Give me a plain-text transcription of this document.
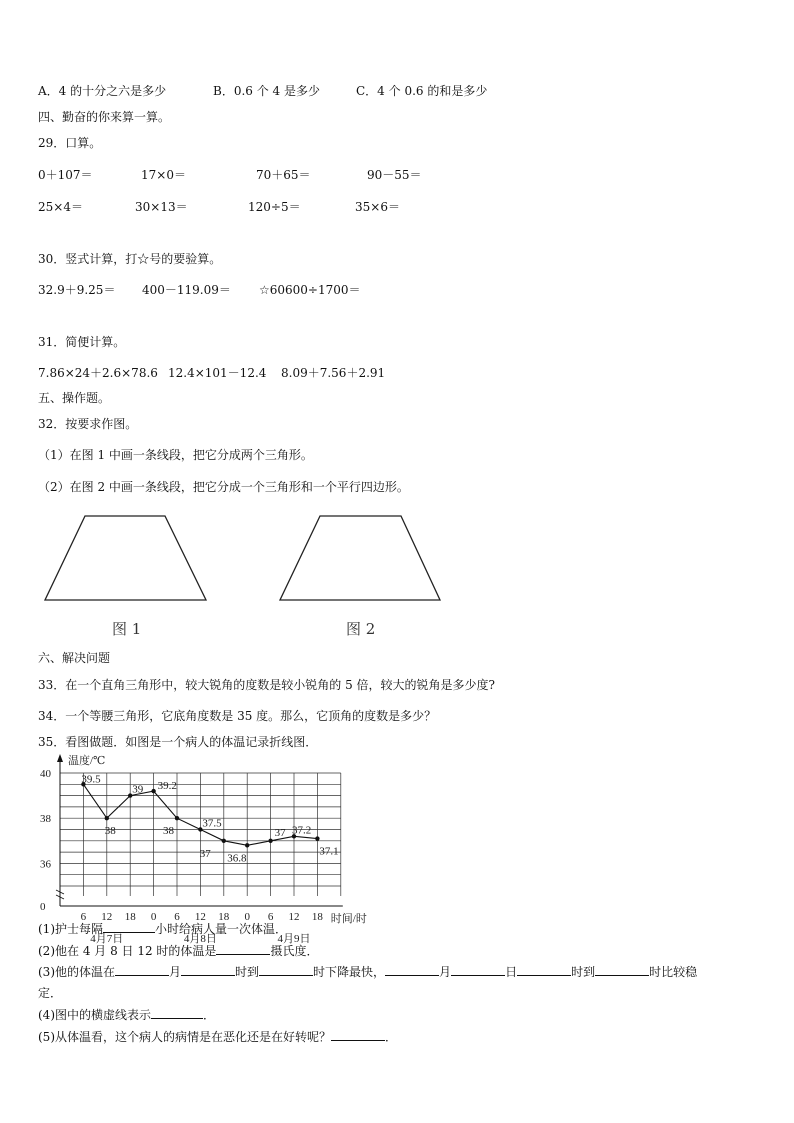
A．4 的十分之六是多少	B．0.6 个 4 是多少	C．4 个 0.6 的和是多少
四、勤奋的你来算一算。
29．口算。
0＋107＝	17×0＝	70＋65＝	90－55＝
25×4＝	30×13＝	120÷5＝	35×6＝
30．竖式计算，打☆号的要验算。
32.9＋9.25＝ 400－119.09＝ ☆60600÷1700＝
31．简便计算。
7.86×24＋2.6×78.6 12.4×101－12.4 8.09＋7.56＋2.91
五、操作题。
32．按要求作图。
（1）在图 1 中画一条线段，把它分成两个三角形。
（2）在图 2 中画一条线段，把它分成一个三角形和一个平行四边形。
图 1	图 2
六、解决问题
33．在一个直角三角形中，较大锐角的度数是较小锐角的 5 倍，较大的锐角是多少度?
34．一个等腰三角形，它底角度数是 35 度。那么，它顶角的度数是多少？
35．看图做题．如图是一个病人的体温记录折线图．
温度/℃
40
38
36
0
6 12 18 0 6 12 18 0 6 12 18 时间/时
4月7日	4月8日	4月9日
39.5
38
39 39.2
38
37.5
37 36.8
37 37.2
37.1
(1)护士每隔	小时给病人量一次体温．
(2)他在 4 月 8 日 12 时的体温是	摄氏度．
(3)他的体温在	月	时到	时下降最快，	月	日	时到	时比较稳
定．
(4)图中的横虚线表示	．
(5)从体温看，这个病人的病情是在恶化还是在好转呢？	．
